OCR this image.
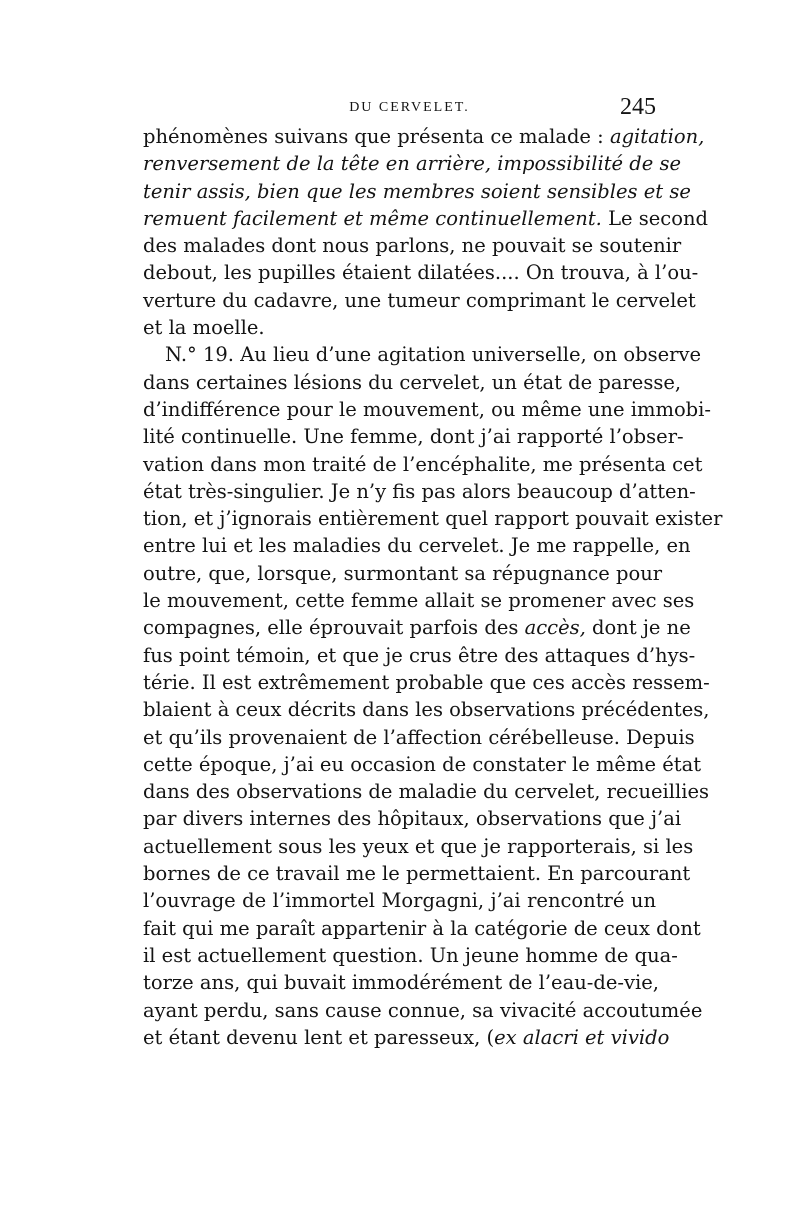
DU CERVELET.	245
phénomènes suivans que présenta ce malade : agitation,
renversement de la tête en arrière, impossibilité de se
tenir assis, bien que les membres soient sensibles et se
remuent facilement et même continuellement. Le second
des malades dont nous parlons, ne pouvait se soutenir
debout, les pupilles étaient dilatées.... On trouva, à l’ou-
verture du cadavre, une tumeur comprimant le cervelet
et la moelle.
N.° 19. Au lieu d’une agitation universelle, on observe
dans certaines lésions du cervelet, un état de paresse,
d’indifférence pour le mouvement, ou même une immobi-
lité continuelle. Une femme, dont j’ai rapporté l’obser-
vation dans mon traité de l’encéphalite, me présenta cet
état très-singulier. Je n’y fis pas alors beaucoup d’atten-
tion, et j’ignorais entièrement quel rapport pouvait exister
entre lui et les maladies du cervelet. Je me rappelle, en
outre, que, lorsque, surmontant sa répugnance pour
le mouvement, cette femme allait se promener avec ses
compagnes, elle éprouvait parfois des accès, dont je ne
fus point témoin, et que je crus être des attaques d’hys-
térie. Il est extrêmement probable que ces accès ressem-
blaient à ceux décrits dans les observations précédentes,
et qu’ils provenaient de l’affection cérébelleuse. Depuis
cette époque, j’ai eu occasion de constater le même état
dans des observations de maladie du cervelet, recueillies
par divers internes des hôpitaux, observations que j’ai
actuellement sous les yeux et que je rapporterais, si les
bornes de ce travail me le permettaient. En parcourant
l’ouvrage de l’immortel Morgagni, j’ai rencontré un
fait qui me paraît appartenir à la catégorie de ceux dont
il est actuellement question. Un jeune homme de qua-
torze ans, qui buvait immodérément de l’eau-de-vie,
ayant perdu, sans cause connue, sa vivacité accoutumée
et étant devenu lent et paresseux, (ex alacri et vivido
